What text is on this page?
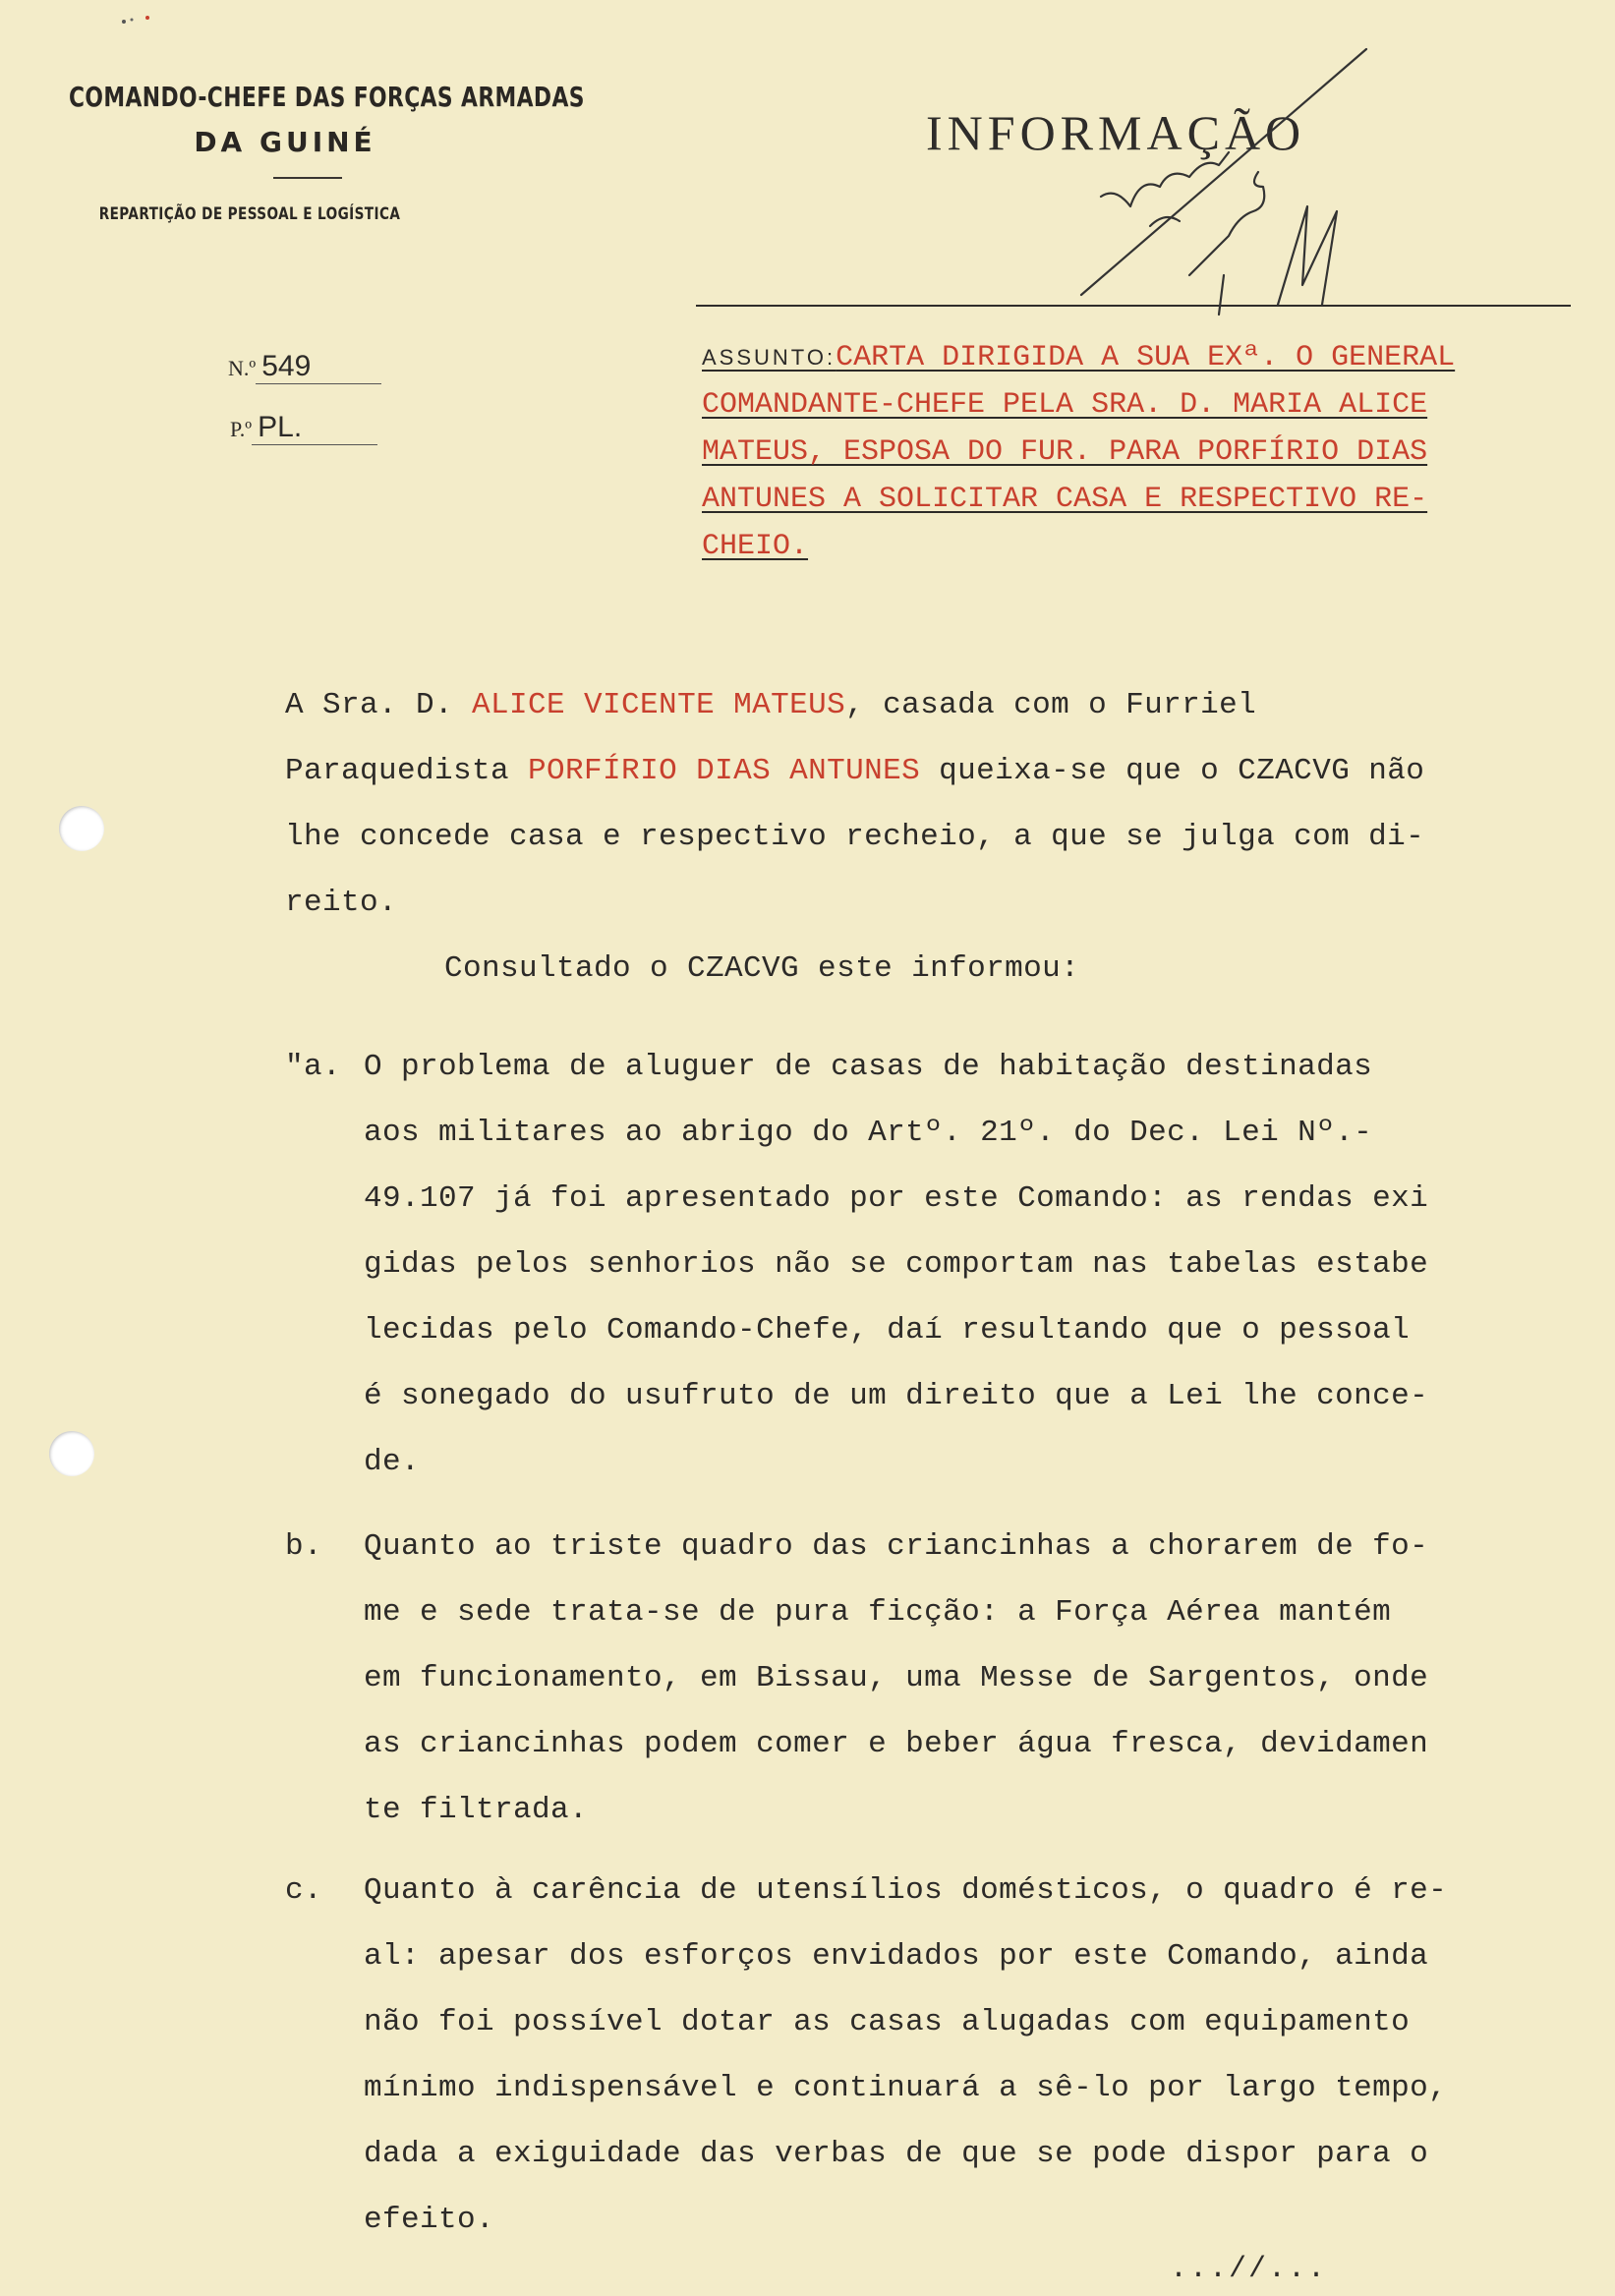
COMANDO-CHEFE DAS FORÇAS ARMADAS
DA GUINÉ
REPARTIÇÃO DE PESSOAL E LOGÍSTICA
N.º 549
P.º PL.
INFORMAÇÃO
ASSUNTO:CARTA DIRIGIDA A SUA EXª. O GENERAL
COMANDANTE-CHEFE PELA SRA. D. MARIA ALICE
MATEUS, ESPOSA DO FUR. PARA PORFÍRIO DIAS
ANTUNES A SOLICITAR CASA E RESPECTIVO RE-
CHEIO.
A Sra. D. ALICE VICENTE MATEUS, casada com o Furriel
Paraquedista PORFÍRIO DIAS ANTUNES queixa-se que o CZACVG não
lhe concede casa e respectivo recheio, a que se julga com di-
reito.
Consultado o CZACVG este informou:
"a. O problema de aluguer de casas de habitação destinadas
aos militares ao abrigo do Artº. 21º. do Dec. Lei Nº.-
49.107 já foi apresentado por este Comando: as rendas exi
gidas pelos senhorios não se comportam nas tabelas estabe
lecidas pelo Comando-Chefe, daí resultando que o pessoal
é sonegado do usufruto de um direito que a Lei lhe conce-
de.
b. Quanto ao triste quadro das criancinhas a chorarem de fo-
me e sede trata-se de pura ficção: a Força Aérea mantém
em funcionamento, em Bissau, uma Messe de Sargentos, onde
as criancinhas podem comer e beber água fresca, devidamen
te filtrada.
c. Quanto à carência de utensílios domésticos, o quadro é re-
al: apesar dos esforços envidados por este Comando, ainda
não foi possível dotar as casas alugadas com equipamento
mínimo indispensável e continuará a sê-lo por largo tempo,
dada a exiguidade das verbas de que se pode dispor para o
efeito.
...//...
